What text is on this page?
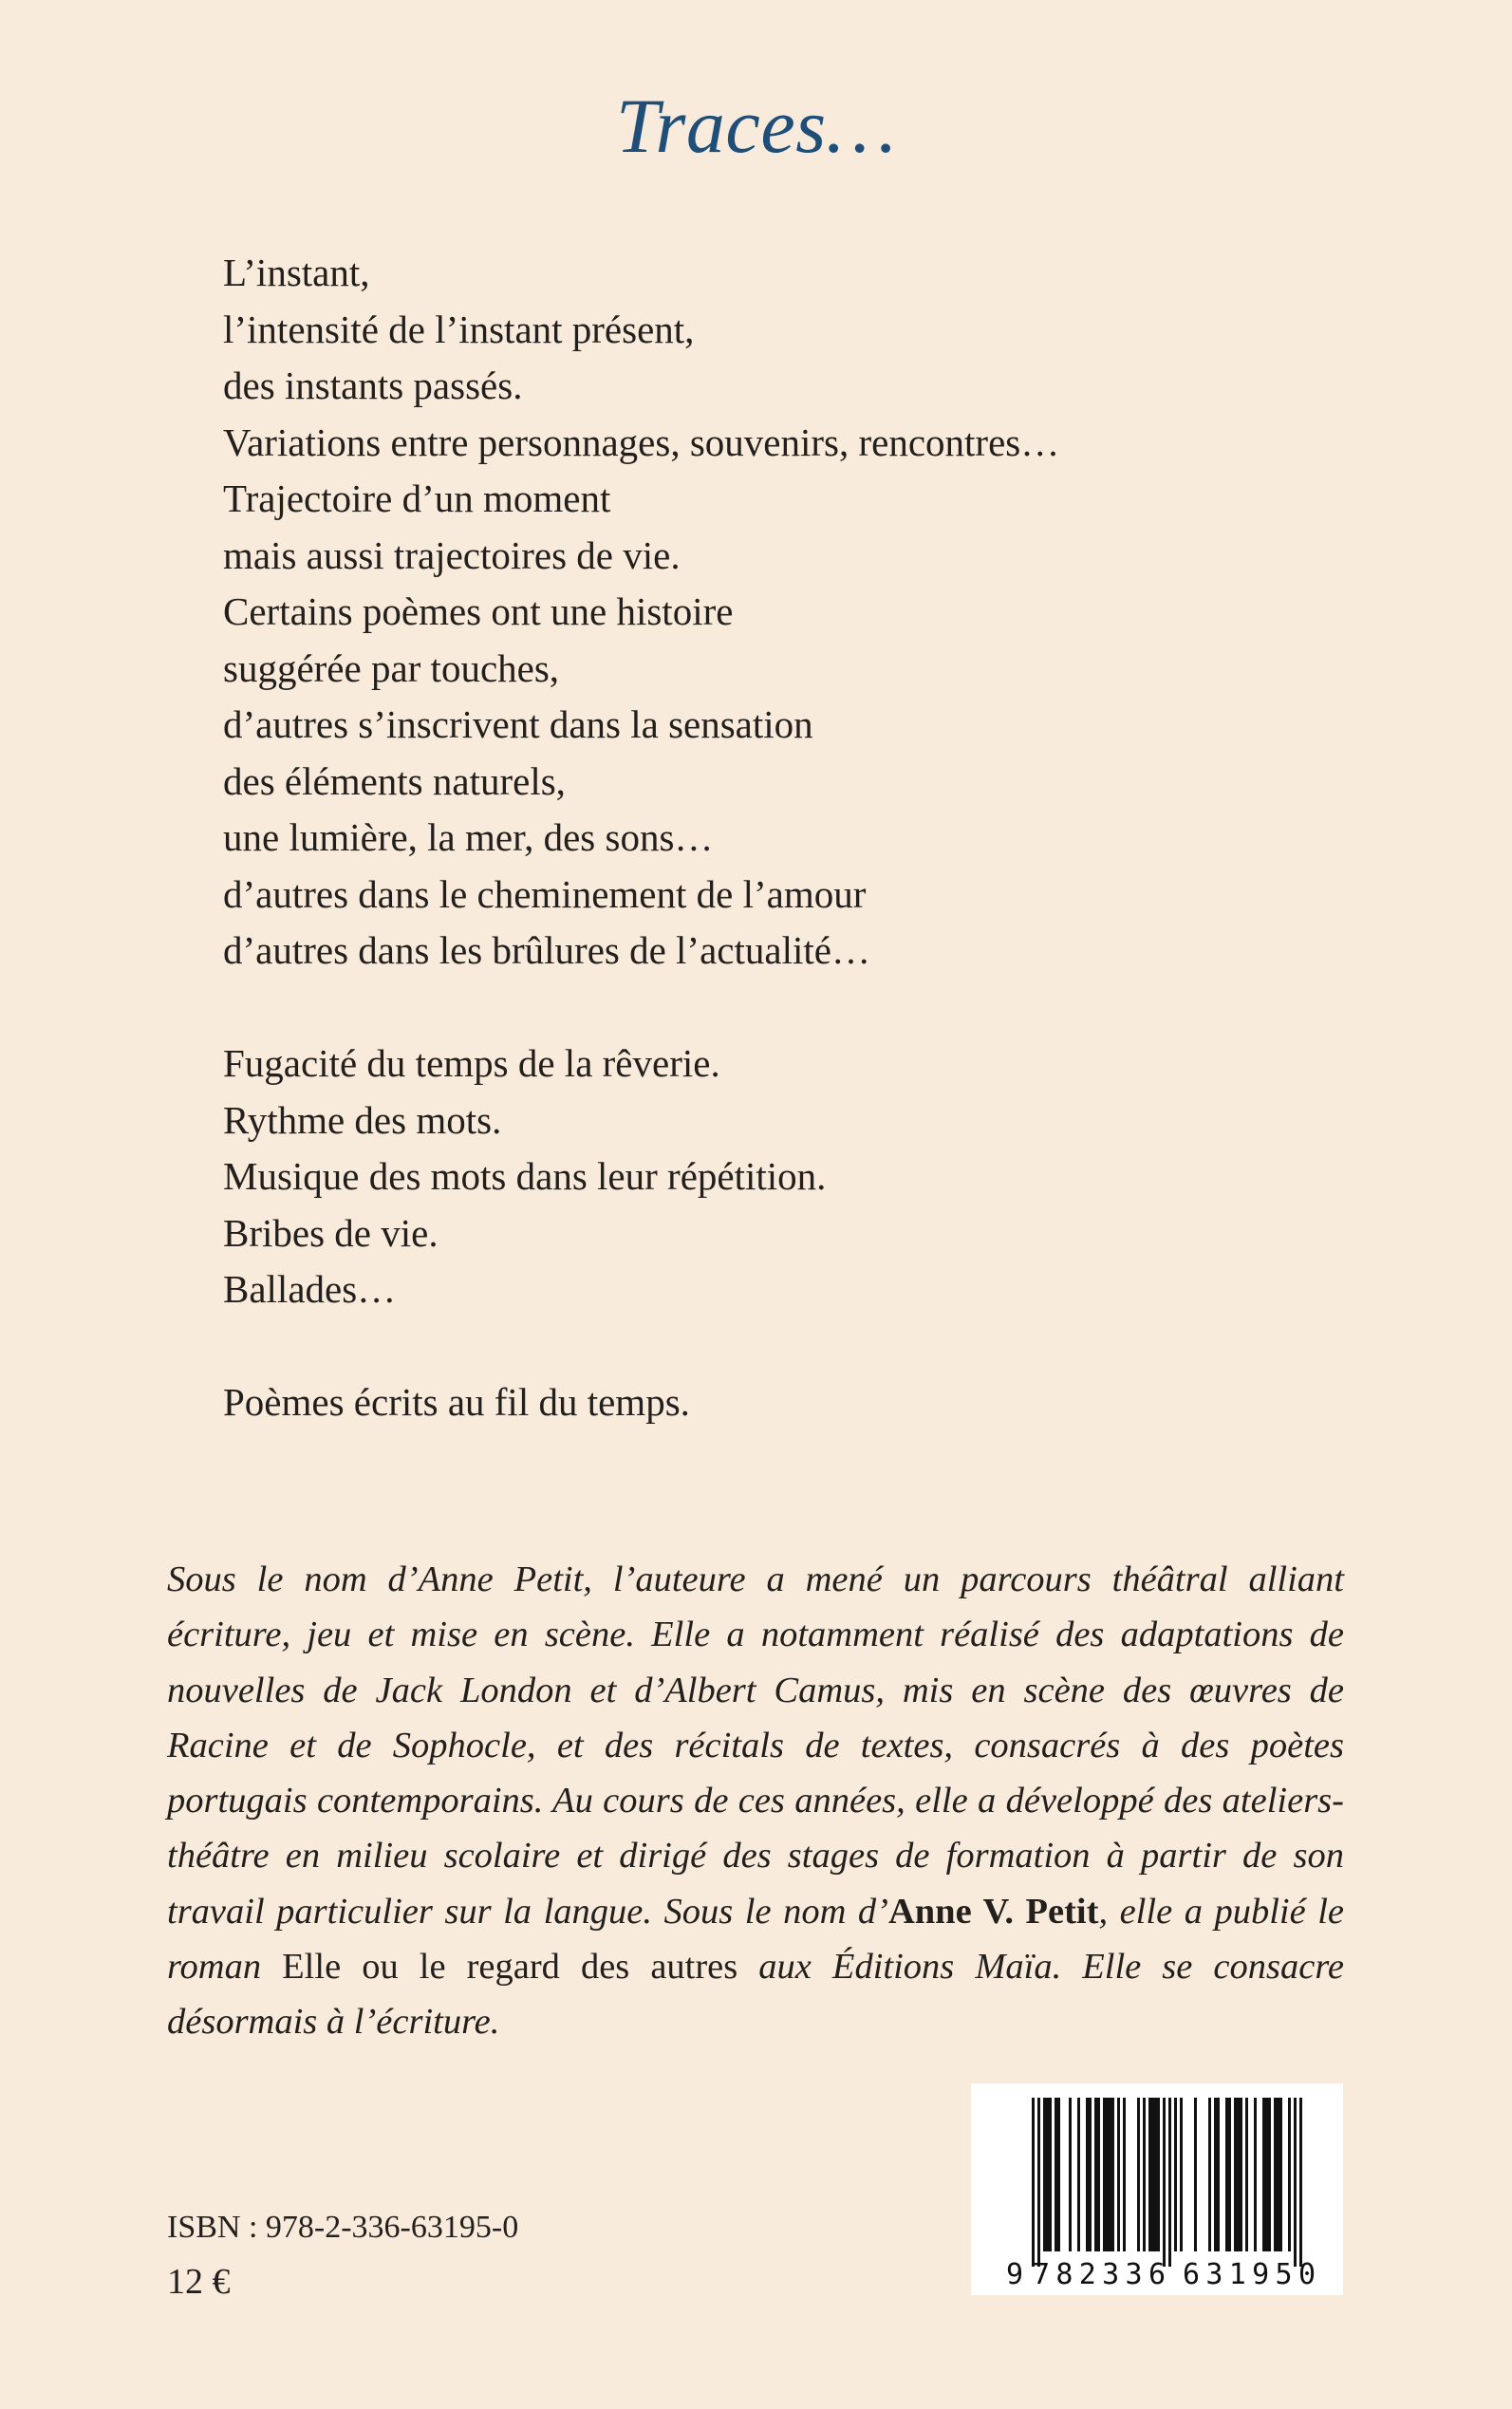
Traces…

L’instant,
l’intensité de l’instant présent,
des instants passés.
Variations entre personnages, souvenirs, rencontres…
Trajectoire d’un moment
mais aussi trajectoires de vie.
Certains poèmes ont une histoire
suggérée par touches,
d’autres s’inscrivent dans la sensation
des éléments naturels,
une lumière, la mer, des sons…
d’autres dans le cheminement de l’amour
d’autres dans les brûlures de l’actualité…

Fugacité du temps de la rêverie.
Rythme des mots.
Musique des mots dans leur répétition.
Bribes de vie.
Ballades…

Poèmes écrits au fil du temps.

Sous le nom d’Anne Petit, l’auteure a mené un parcours théâtral alliant écriture, jeu et mise en scène. Elle a notamment réalisé des adaptations de nouvelles de Jack London et d’Albert Camus, mis en scène des œuvres de Racine et de Sophocle, et des récitals de textes, consacrés à des poètes portugais contemporains. Au cours de ces années, elle a développé des ateliers-théâtre en milieu scolaire et dirigé des stages de formation à partir de son travail particulier sur la langue. Sous le nom d’Anne V. Petit, elle a publié le roman Elle ou le regard des autres aux Éditions Maïa. Elle se consacre désormais à l’écriture.

ISBN : 978-2-336-63195-0
12 €	9 782336 631950
